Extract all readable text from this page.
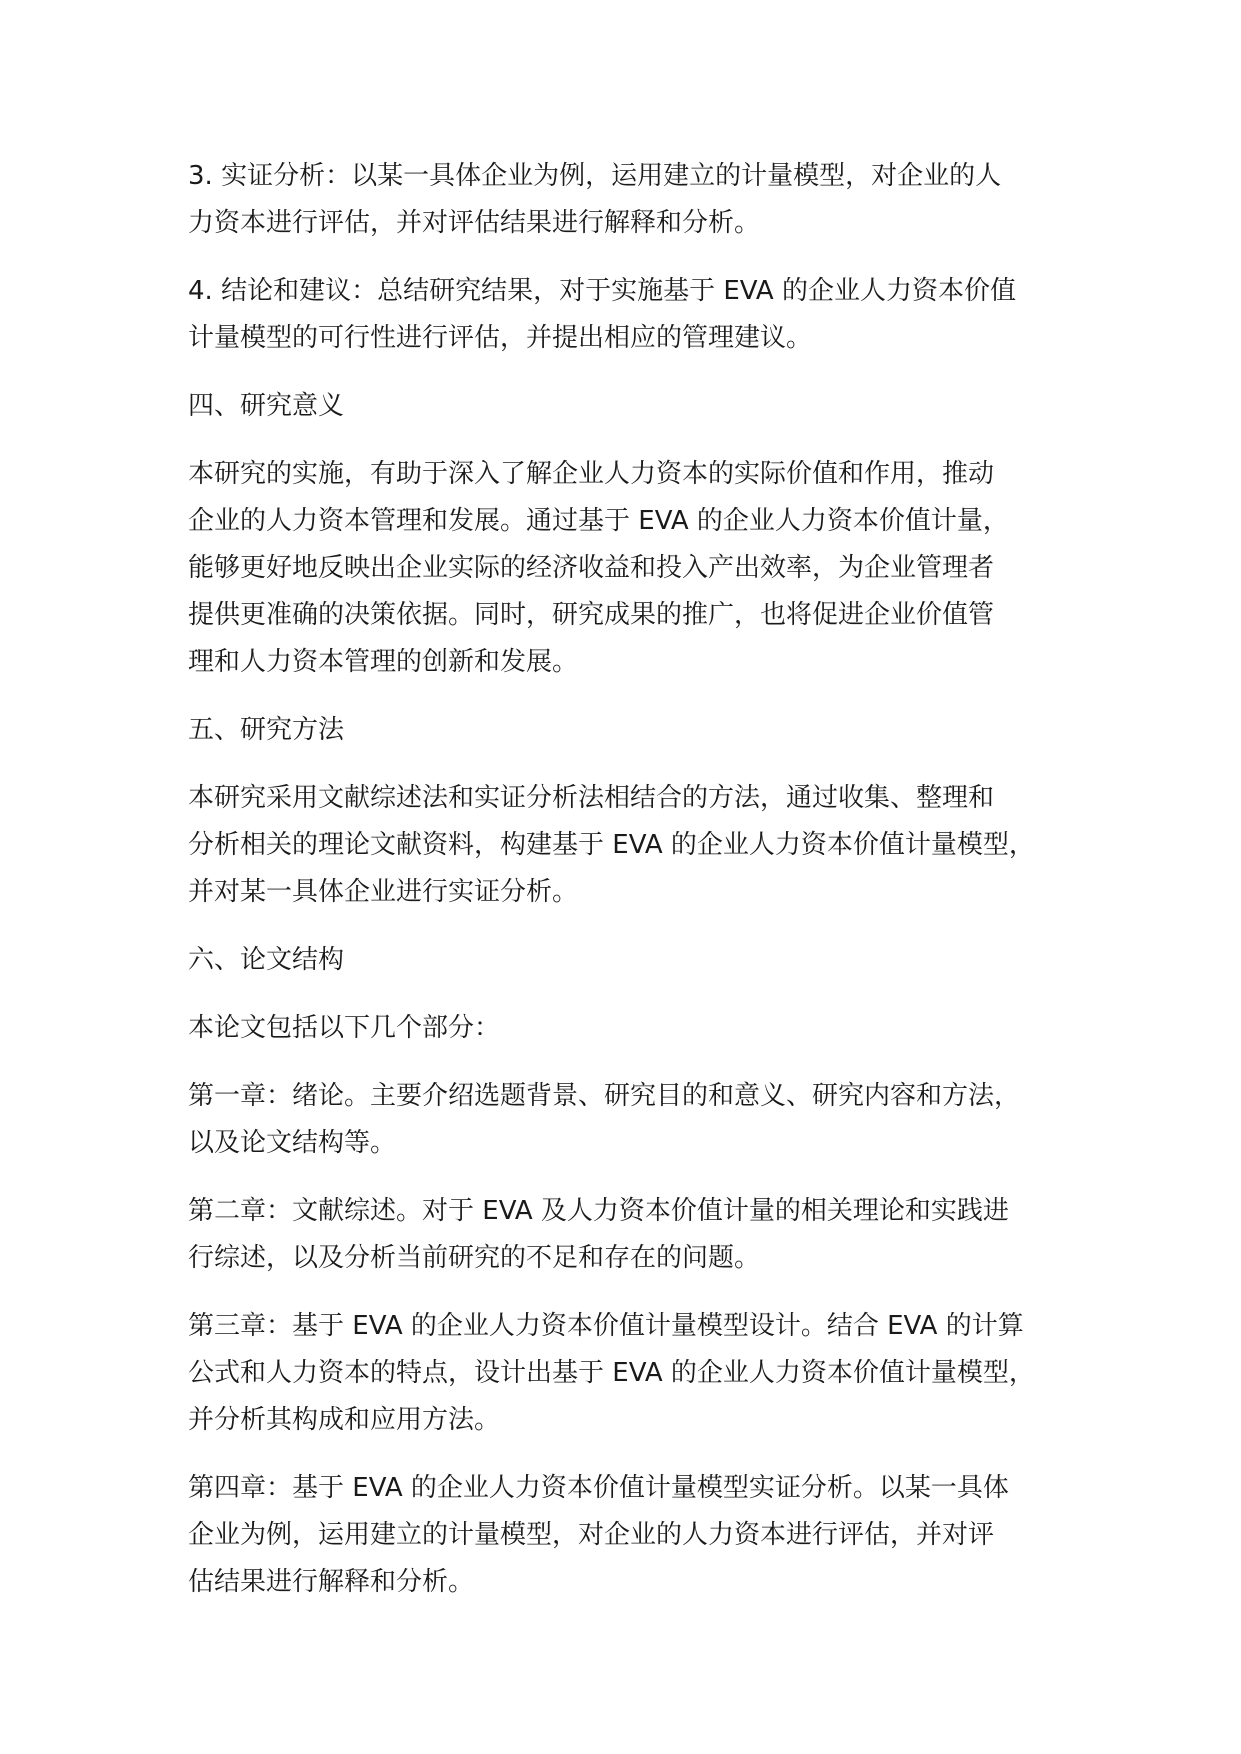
3. 实证分析：以某一具体企业为例，运用建立的计量模型，对企业的人
力资本进行评估，并对评估结果进行解释和分析。
4. 结论和建议：总结研究结果，对于实施基于 EVA 的企业人力资本价值
计量模型的可行性进行评估，并提出相应的管理建议。
四、研究意义
本研究的实施，有助于深入了解企业人力资本的实际价值和作用，推动
企业的人力资本管理和发展。通过基于 EVA 的企业人力资本价值计量，
能够更好地反映出企业实际的经济收益和投入产出效率，为企业管理者
提供更准确的决策依据。同时，研究成果的推广，也将促进企业价值管
理和人力资本管理的创新和发展。
五、研究方法
本研究采用文献综述法和实证分析法相结合的方法，通过收集、整理和
分析相关的理论文献资料，构建基于 EVA 的企业人力资本价值计量模型，
并对某一具体企业进行实证分析。
六、论文结构
本论文包括以下几个部分：
第一章：绪论。主要介绍选题背景、研究目的和意义、研究内容和方法，
以及论文结构等。
第二章：文献综述。对于 EVA 及人力资本价值计量的相关理论和实践进
行综述，以及分析当前研究的不足和存在的问题。
第三章：基于 EVA 的企业人力资本价值计量模型设计。结合 EVA 的计算
公式和人力资本的特点，设计出基于 EVA 的企业人力资本价值计量模型，
并分析其构成和应用方法。
第四章：基于 EVA 的企业人力资本价值计量模型实证分析。以某一具体
企业为例，运用建立的计量模型，对企业的人力资本进行评估，并对评
估结果进行解释和分析。
